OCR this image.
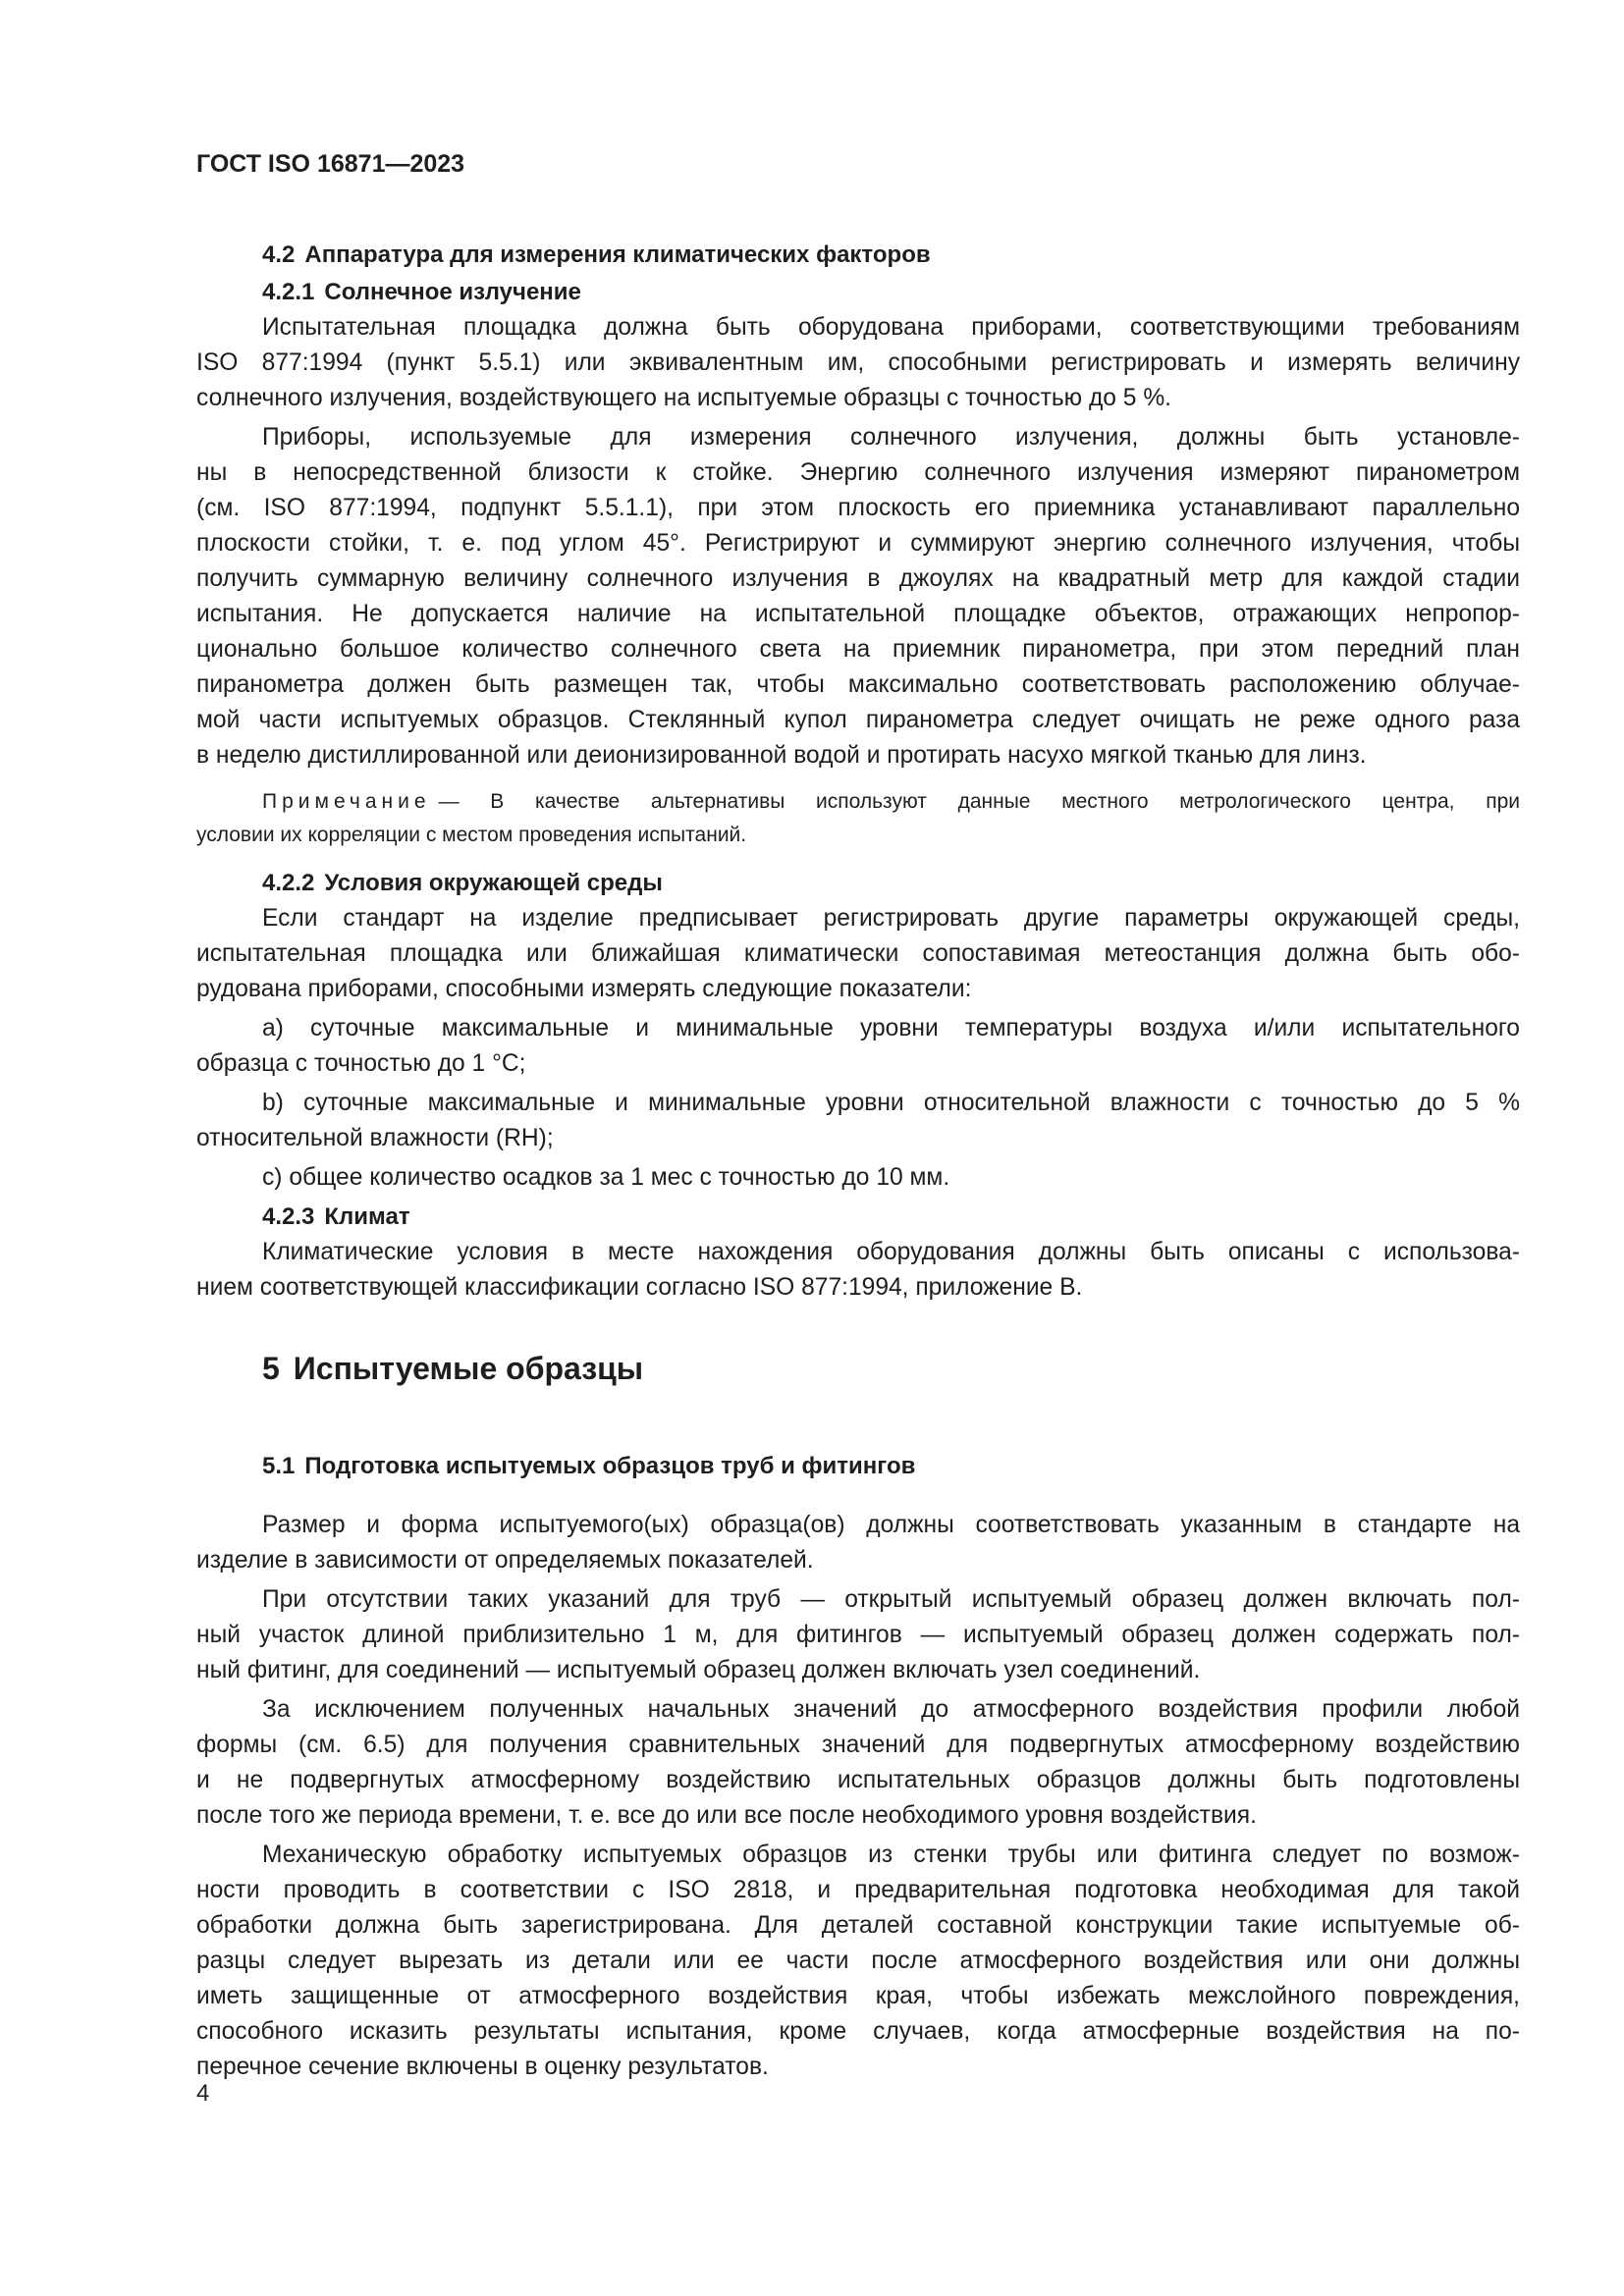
ГОСТ ISO 16871—2023
4.2 Аппаратура для измерения климатических факторов
4.2.1 Солнечное излучение
Испытательная площадка должна быть оборудована приборами, соответствующими требованиям
ISO 877:1994 (пункт 5.5.1) или эквивалентным им, способными регистрировать и измерять величину
солнечного излучения, воздействующего на испытуемые образцы с точностью до 5 %.
Приборы, используемые для измерения солнечного излучения, должны быть установле-
ны в непосредственной близости к стойке. Энергию солнечного излучения измеряют пиранометром
(см. ISO 877:1994, подпункт 5.5.1.1), при этом плоскость его приемника устанавливают параллельно
плоскости стойки, т. е. под углом 45°. Регистрируют и суммируют энергию солнечного излучения, чтобы
получить суммарную величину солнечного излучения в джоулях на квадратный метр для каждой стадии
испытания. Не допускается наличие на испытательной площадке объектов, отражающих непропор-
ционально большое количество солнечного света на приемник пиранометра, при этом передний план
пиранометра должен быть размещен так, чтобы максимально соответствовать расположению облучае-
мой части испытуемых образцов. Стеклянный купол пиранометра следует очищать не реже одного раза
в неделю дистиллированной или деионизированной водой и протирать насухо мягкой тканью для линз.
Примечание — В качестве альтернативы используют данные местного метрологического центра, при
условии их корреляции с местом проведения испытаний.
4.2.2 Условия окружающей среды
Если стандарт на изделие предписывает регистрировать другие параметры окружающей среды,
испытательная площадка или ближайшая климатически сопоставимая метеостанция должна быть обо-
рудована приборами, способными измерять следующие показатели:
a) суточные максимальные и минимальные уровни температуры воздуха и/или испытательного
образца с точностью до 1 °C;
b) суточные максимальные и минимальные уровни относительной влажности с точностью до 5 %
относительной влажности (RH);
c) общее количество осадков за 1 мес с точностью до 10 мм.
4.2.3 Климат
Климатические условия в месте нахождения оборудования должны быть описаны с использова-
нием соответствующей классификации согласно ISO 877:1994, приложение B.
5 Испытуемые образцы
5.1 Подготовка испытуемых образцов труб и фитингов
Размер и форма испытуемого(ых) образца(ов) должны соответствовать указанным в стандарте на
изделие в зависимости от определяемых показателей.
При отсутствии таких указаний для труб — открытый испытуемый образец должен включать пол-
ный участок длиной приблизительно 1 м, для фитингов — испытуемый образец должен содержать пол-
ный фитинг, для соединений — испытуемый образец должен включать узел соединений.
За исключением полученных начальных значений до атмосферного воздействия профили любой
формы (см. 6.5) для получения сравнительных значений для подвергнутых атмосферному воздействию
и не подвергнутых атмосферному воздействию испытательных образцов должны быть подготовлены
после того же периода времени, т. е. все до или все после необходимого уровня воздействия.
Механическую обработку испытуемых образцов из стенки трубы или фитинга следует по возмож-
ности проводить в соответствии с ISO 2818, и предварительная подготовка необходимая для такой
обработки должна быть зарегистрирована. Для деталей составной конструкции такие испытуемые об-
разцы следует вырезать из детали или ее части после атмосферного воздействия или они должны
иметь защищенные от атмосферного воздействия края, чтобы избежать межслойного повреждения,
способного исказить результаты испытания, кроме случаев, когда атмосферные воздействия на по-
перечное сечение включены в оценку результатов.
4
